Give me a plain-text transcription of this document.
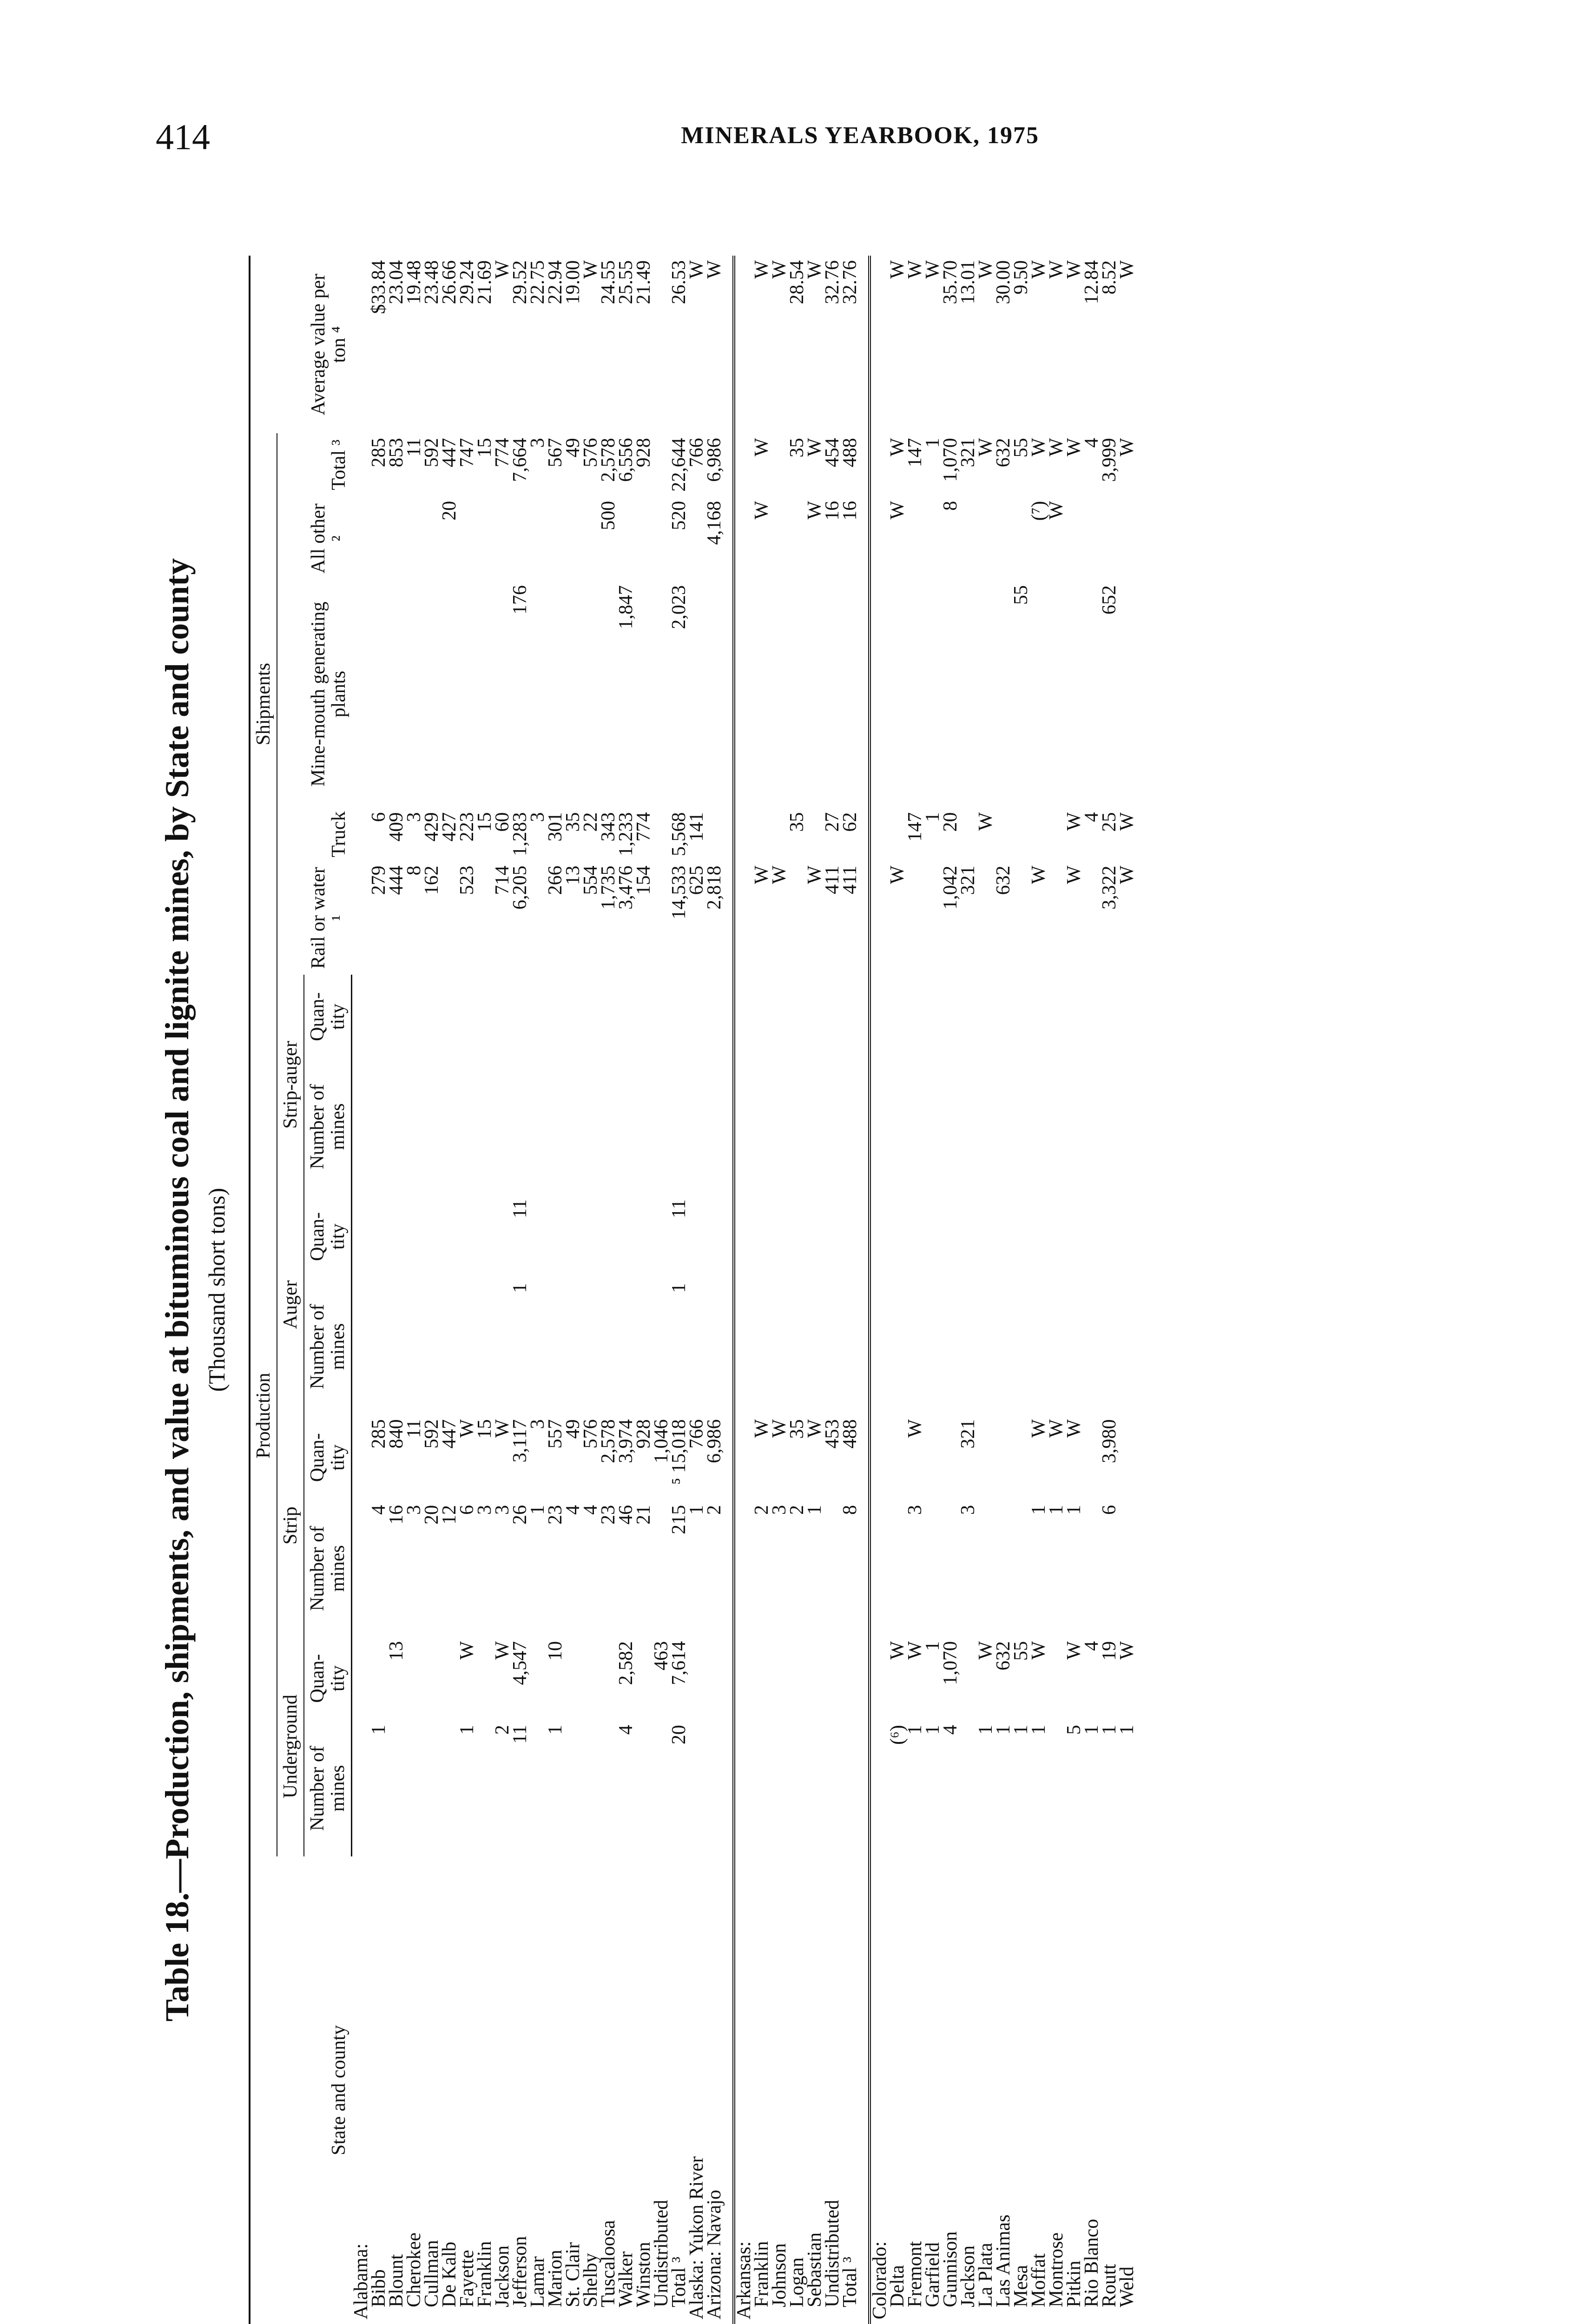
414	MINERALS YEARBOOK, 1975
Table 18.—Production, shipments, and value at bituminous coal and lignite mines, by State and county (Thousand short tons)
State and county	Production								Shipments					Average value per ton ⁴
	Underground		Strip		Auger		Strip-auger		Rail or water ¹	Truck	Mine-mouth generating plants	All other ²	Total ³	
	Number of mines	Quan- tity	Number of mines	Quan- tity	Number of mines	Quan- tity	Number of mines	Quan- tity						
Alabama:														
Bibb	1		4	285					279	6			285	$33.84
Blount		13	16	840					444	409			853	23.04
Cherokee			3	11					8	3			11	19.48
Cullman			20	592					162	429			592	23.48
De Kalb			12	447						427		20	447	26.66
Fayette	1	W	6	W					523	223			747	29.24
Franklin			3	15						15			15	21.69
Jackson	2	W	3	W					714	60			774	W
Jefferson	11	4,547	26	3,117	1	11			6,205	1,283	176		7,664	29.52
Lamar			1	3						3			3	22.75
Marion	1	10	23	557					266	301			567	22.94
St. Clair			4	49					13	35			49	19.00
Shelby			4	576					554	22			576	W
Tuscaloosa			23	2,578					1,735	343		500	2,578	24.55
Walker	4	2,582	46	3,974					3,476	1,233	1,847		6,556	25.55
Winston			21	928					154	774			928	21.49
Undistributed		463		1,046										
Total ³	20	7,614	215	⁵ 15,018	1	11			14,533	5,568	2,023	520	22,644	26.53
Alaska: Yukon River			1	766					625	141			766	W
Arizona: Navajo			2	6,986					2,818			4,168	6,986	W

Arkansas:														
Franklin			2	W					W			W	W	W
Johnson			3	W					W					W
Logan			2	35						35			35	28.54
Sebastian			1	W					W			W	W	W
Undistributed				453					411	27		16	454	32.76
Total ³			8	488					411	62		16	488	32.76

Colorado:														
Delta	(⁶)	W							W			W	W	W
Fremont	1	W	3	W						147			147	W
Garfield	1	1								1			1	W
Gunnison	4	1,070							1,042	20		8	1,070	35.70
Jackson			3	321					321				321	13.01
La Plata	1	W								W			W	W
Las Animas	1	632							632				632	30.00
Mesa	1	55									55		55	9.50
Moffat	1	W	1	W					W			(⁷)	W	W
Montrose			1	W								W	W	W
Pitkin	5	W	1	W					W	W			W	W
Rio Blanco	1	4								4			4	12.84
Routt	1	19	6	3,980					3,322	25	652		3,999	8.52
Weld	1	W							W	W			W	W
